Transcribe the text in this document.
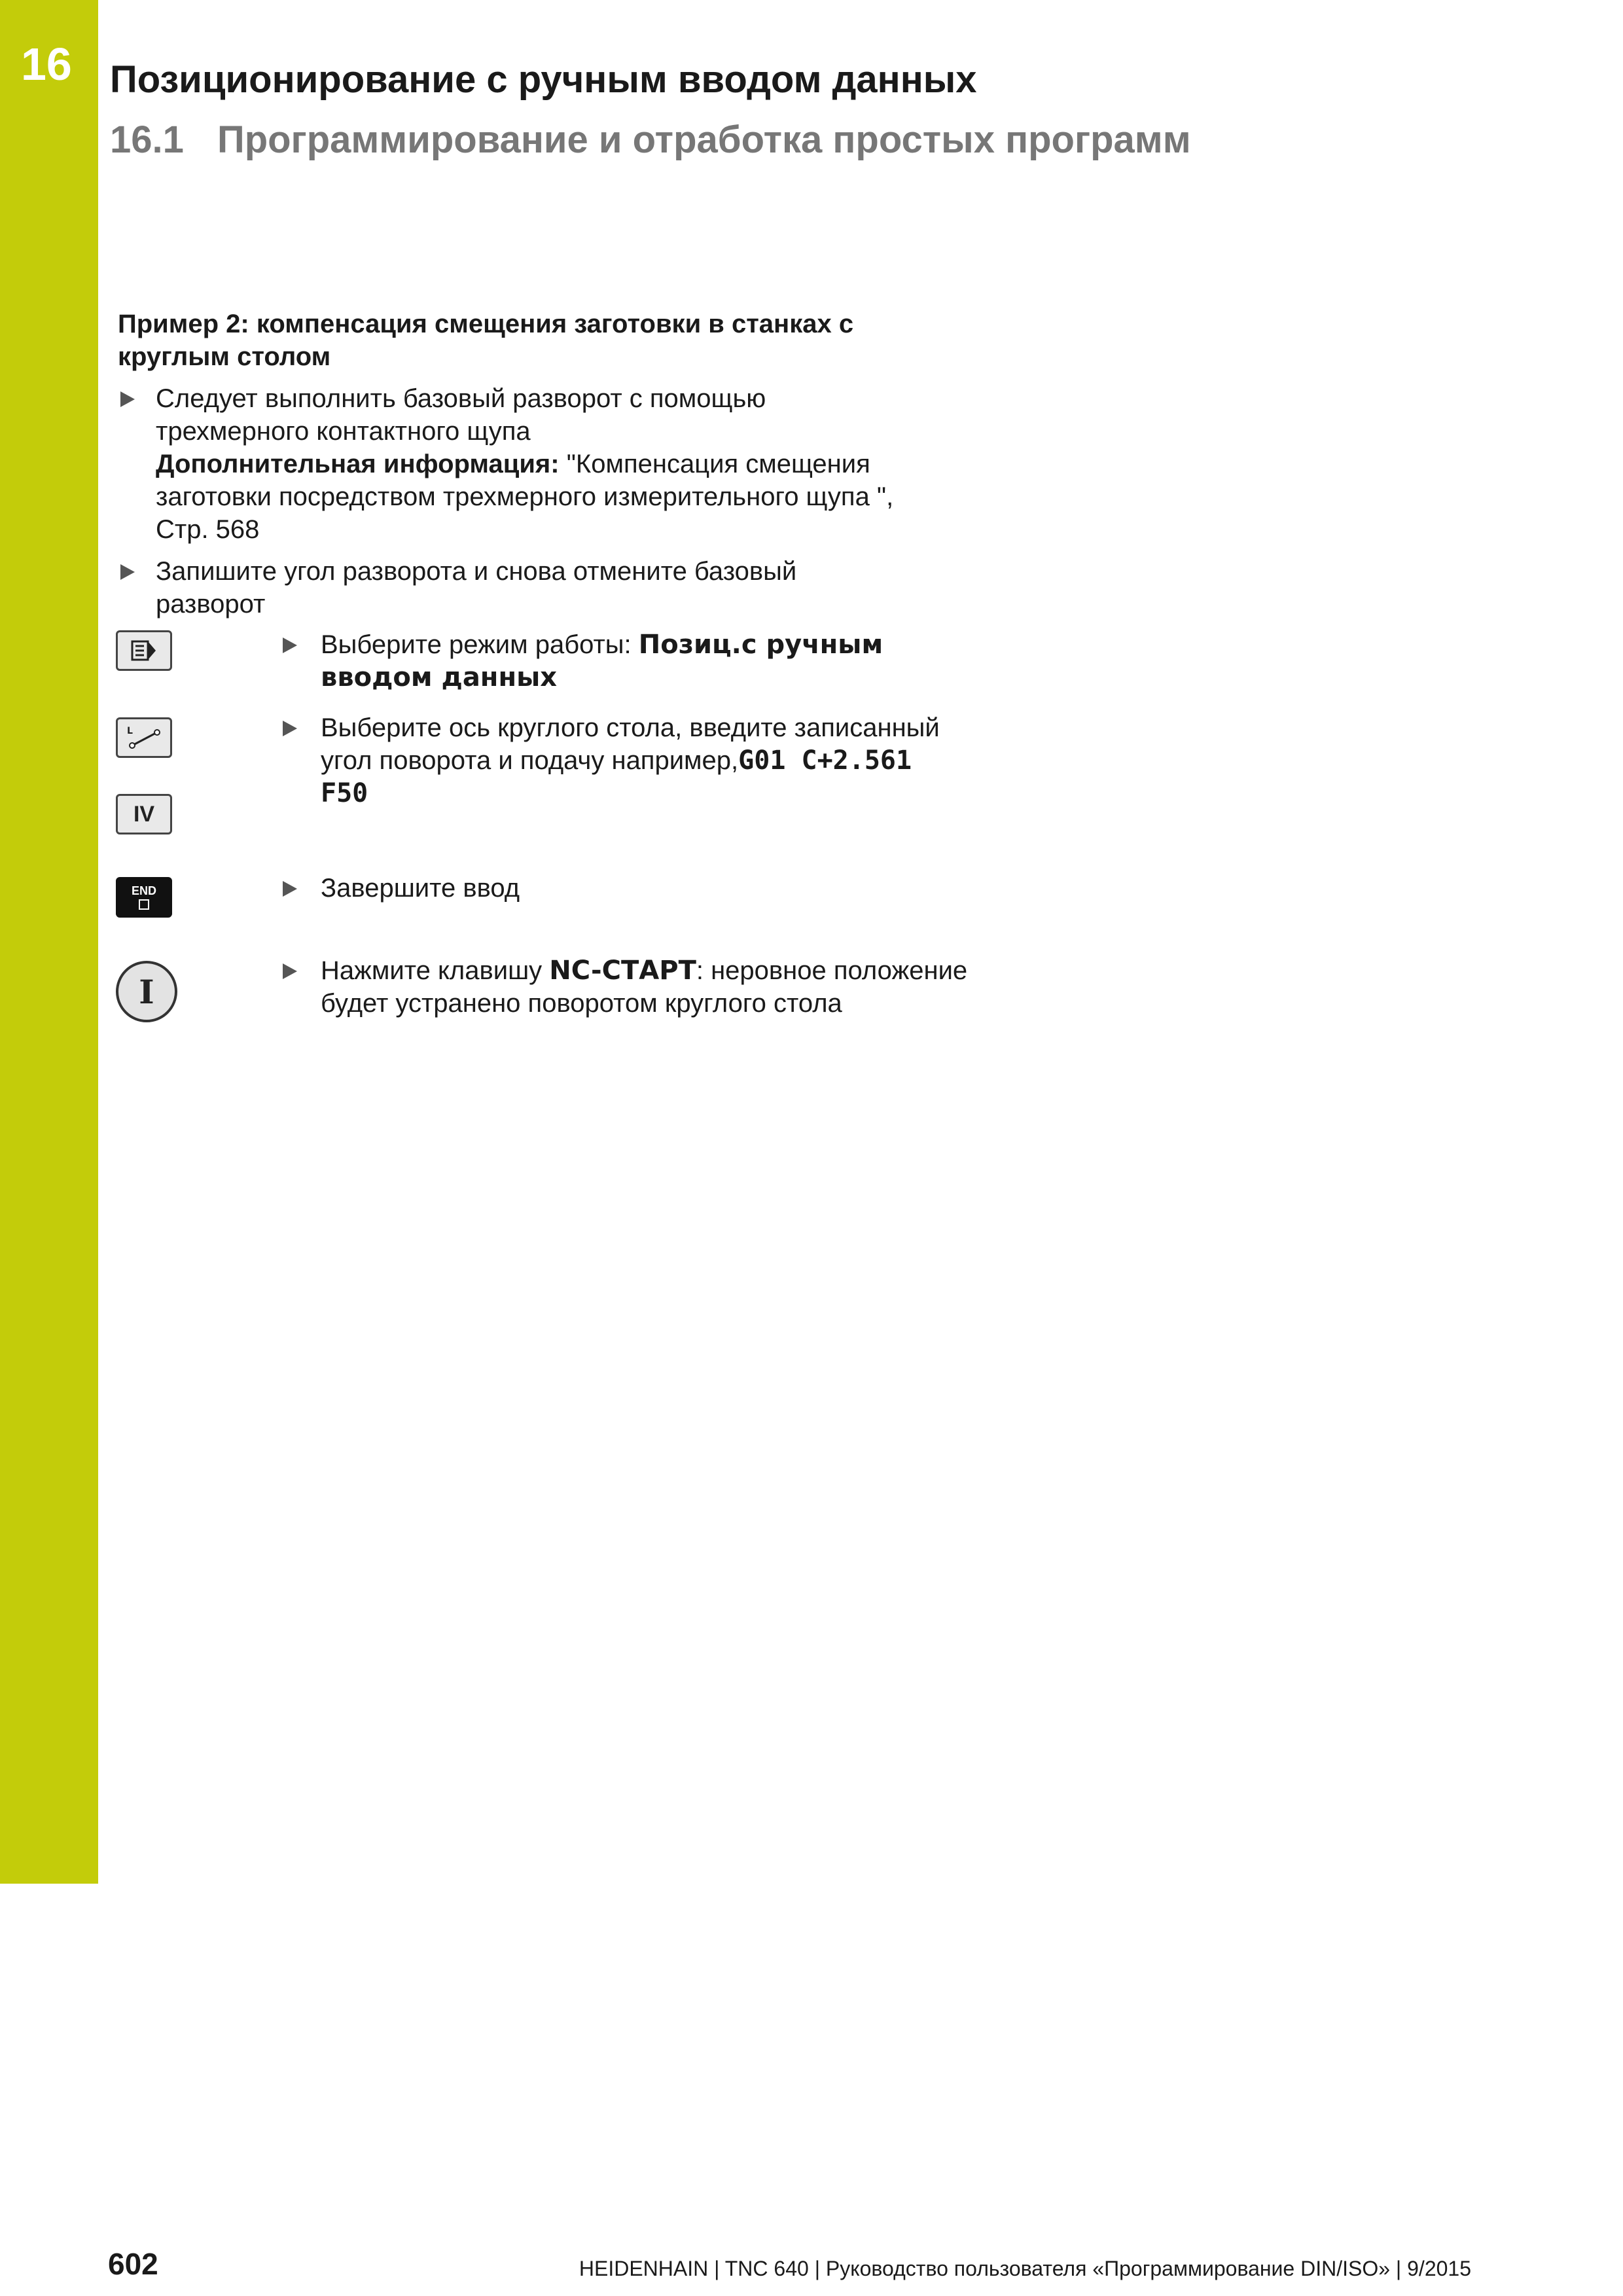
16 Позиционирование с ручным вводом данных
16.1 Программирование и отработка простых программ
Пример 2: компенсация смещения заготовки в станках с круглым столом
Следует выполнить базовый разворот с помощью трехмерного контактного щупа
Дополнительная информация: "Компенсация смещения заготовки посредством трехмерного измерительного щупа ", Стр. 568
Запишите угол разворота и снова отмените базовый разворот
Выберите режим работы: Позиц.с ручным вводом данных
L
IV
Выберите ось круглого стола, введите записанный угол поворота и подачу например,G01 C+2.561 F50
END	Завершите ввод
I
Нажмите клавишу NC-СТАРТ: неровное положение будет устранено поворотом круглого стола
602	HEIDENHAIN | TNC 640 | Руководство пользователя «Программирование DIN/ISO» | 9/2015
